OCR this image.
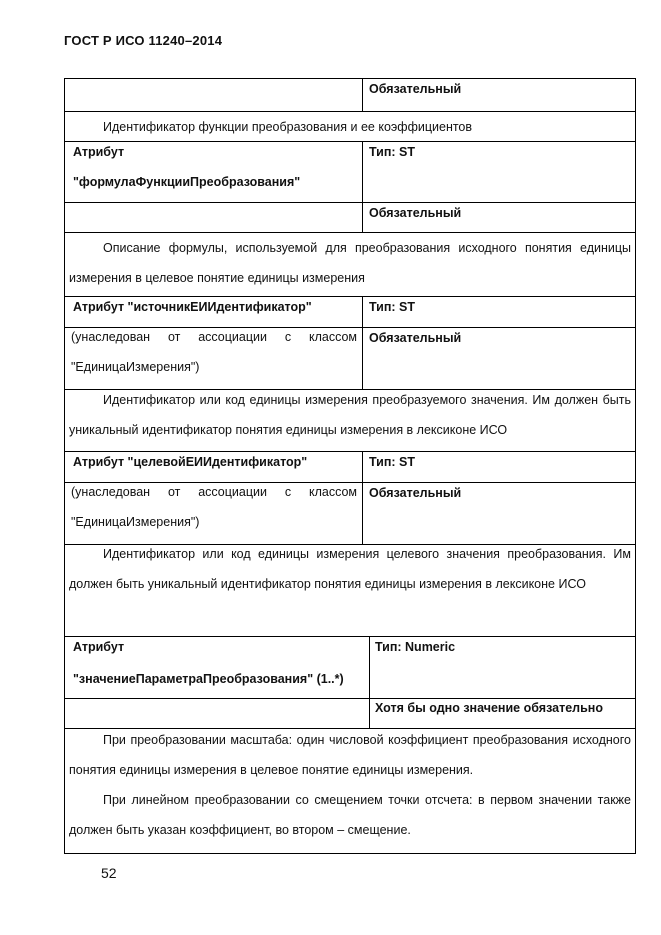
ГОСТ Р ИСО 11240–2014
Обязательный
Идентификатор функции преобразования и ее коэффициентов
Атрибут
"формулаФункцииПреобразования"
Тип: ST
Обязательный
Описание формулы, используемой для преобразования исходного понятия единицы измерения в целевое понятие единицы измерения
Атрибут "источникЕИИдентификатор"	Тип: ST
(унаследован от ассоциации с классом "ЕдиницаИзмерения")
Обязательный
Идентификатор или код единицы измерения преобразуемого значения. Им должен быть уникальный идентификатор понятия единицы измерения в лексиконе ИСО
Атрибут "целевойЕИИдентификатор"	Тип: ST
(унаследован от ассоциации с классом "ЕдиницаИзмерения")
Обязательный
Идентификатор или код единицы измерения целевого значения преобразования. Им должен быть уникальный идентификатор понятия единицы измерения в лексиконе ИСО
Атрибут
"значениеПараметраПреобразования" (1..*)
Тип: Numeric
Хотя бы одно значение обязательно
При преобразовании масштаба: один числовой коэффициент преобразования исходного понятия единицы измерения в целевое понятие единицы измерения.
При линейном преобразовании со смещением точки отсчета: в первом значении также должен быть указан коэффициент, во втором – смещение.
52
